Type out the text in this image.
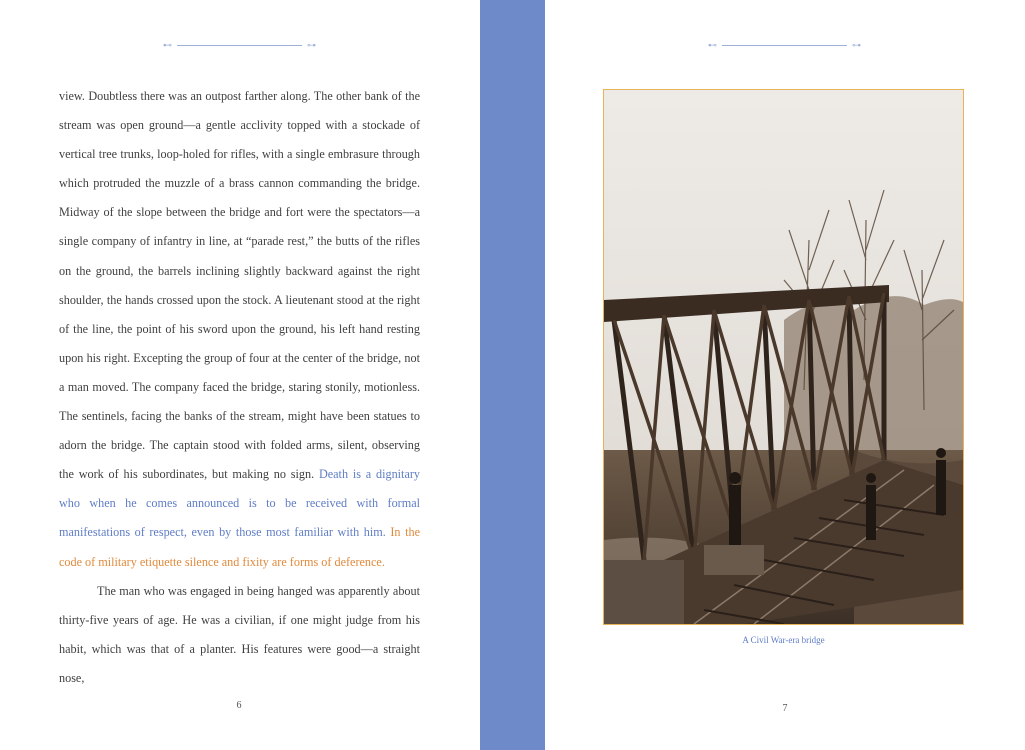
⊷	⊶

view. Doubtless there was an outpost farther along. The other bank of the stream was open ground—a gentle acclivity topped with a stockade of vertical tree trunks, loop-holed for rifles, with a single embrasure through which protruded the muzzle of a brass cannon commanding the bridge. Midway of the slope between the bridge and fort were the spectators—a single company of infantry in line, at “parade rest,” the butts of the rifles on the ground, the barrels inclining slightly backward against the right shoulder, the hands crossed upon the stock. A lieutenant stood at the right of the line, the point of his sword upon the ground, his left hand resting upon his right. Excepting the group of four at the center of the bridge, not a man moved. The company faced the bridge, staring stonily, motionless. The sentinels, facing the banks of the stream, might have been statues to adorn the bridge. The captain stood with folded arms, silent, observing the work of his subordinates, but making no sign. Death is a dignitary who when he comes announced is to be received with formal manifestations of respect, even by those most familiar with him. In the code of military etiquette silence and fixity are forms of deference.

The man who was engaged in being hanged was apparently about thirty-five years of age. He was a civilian, if one might judge from his habit, which was that of a planter. His features were good—a straight nose,

6
⊷	⊶
A Civil War-era bridge
7
